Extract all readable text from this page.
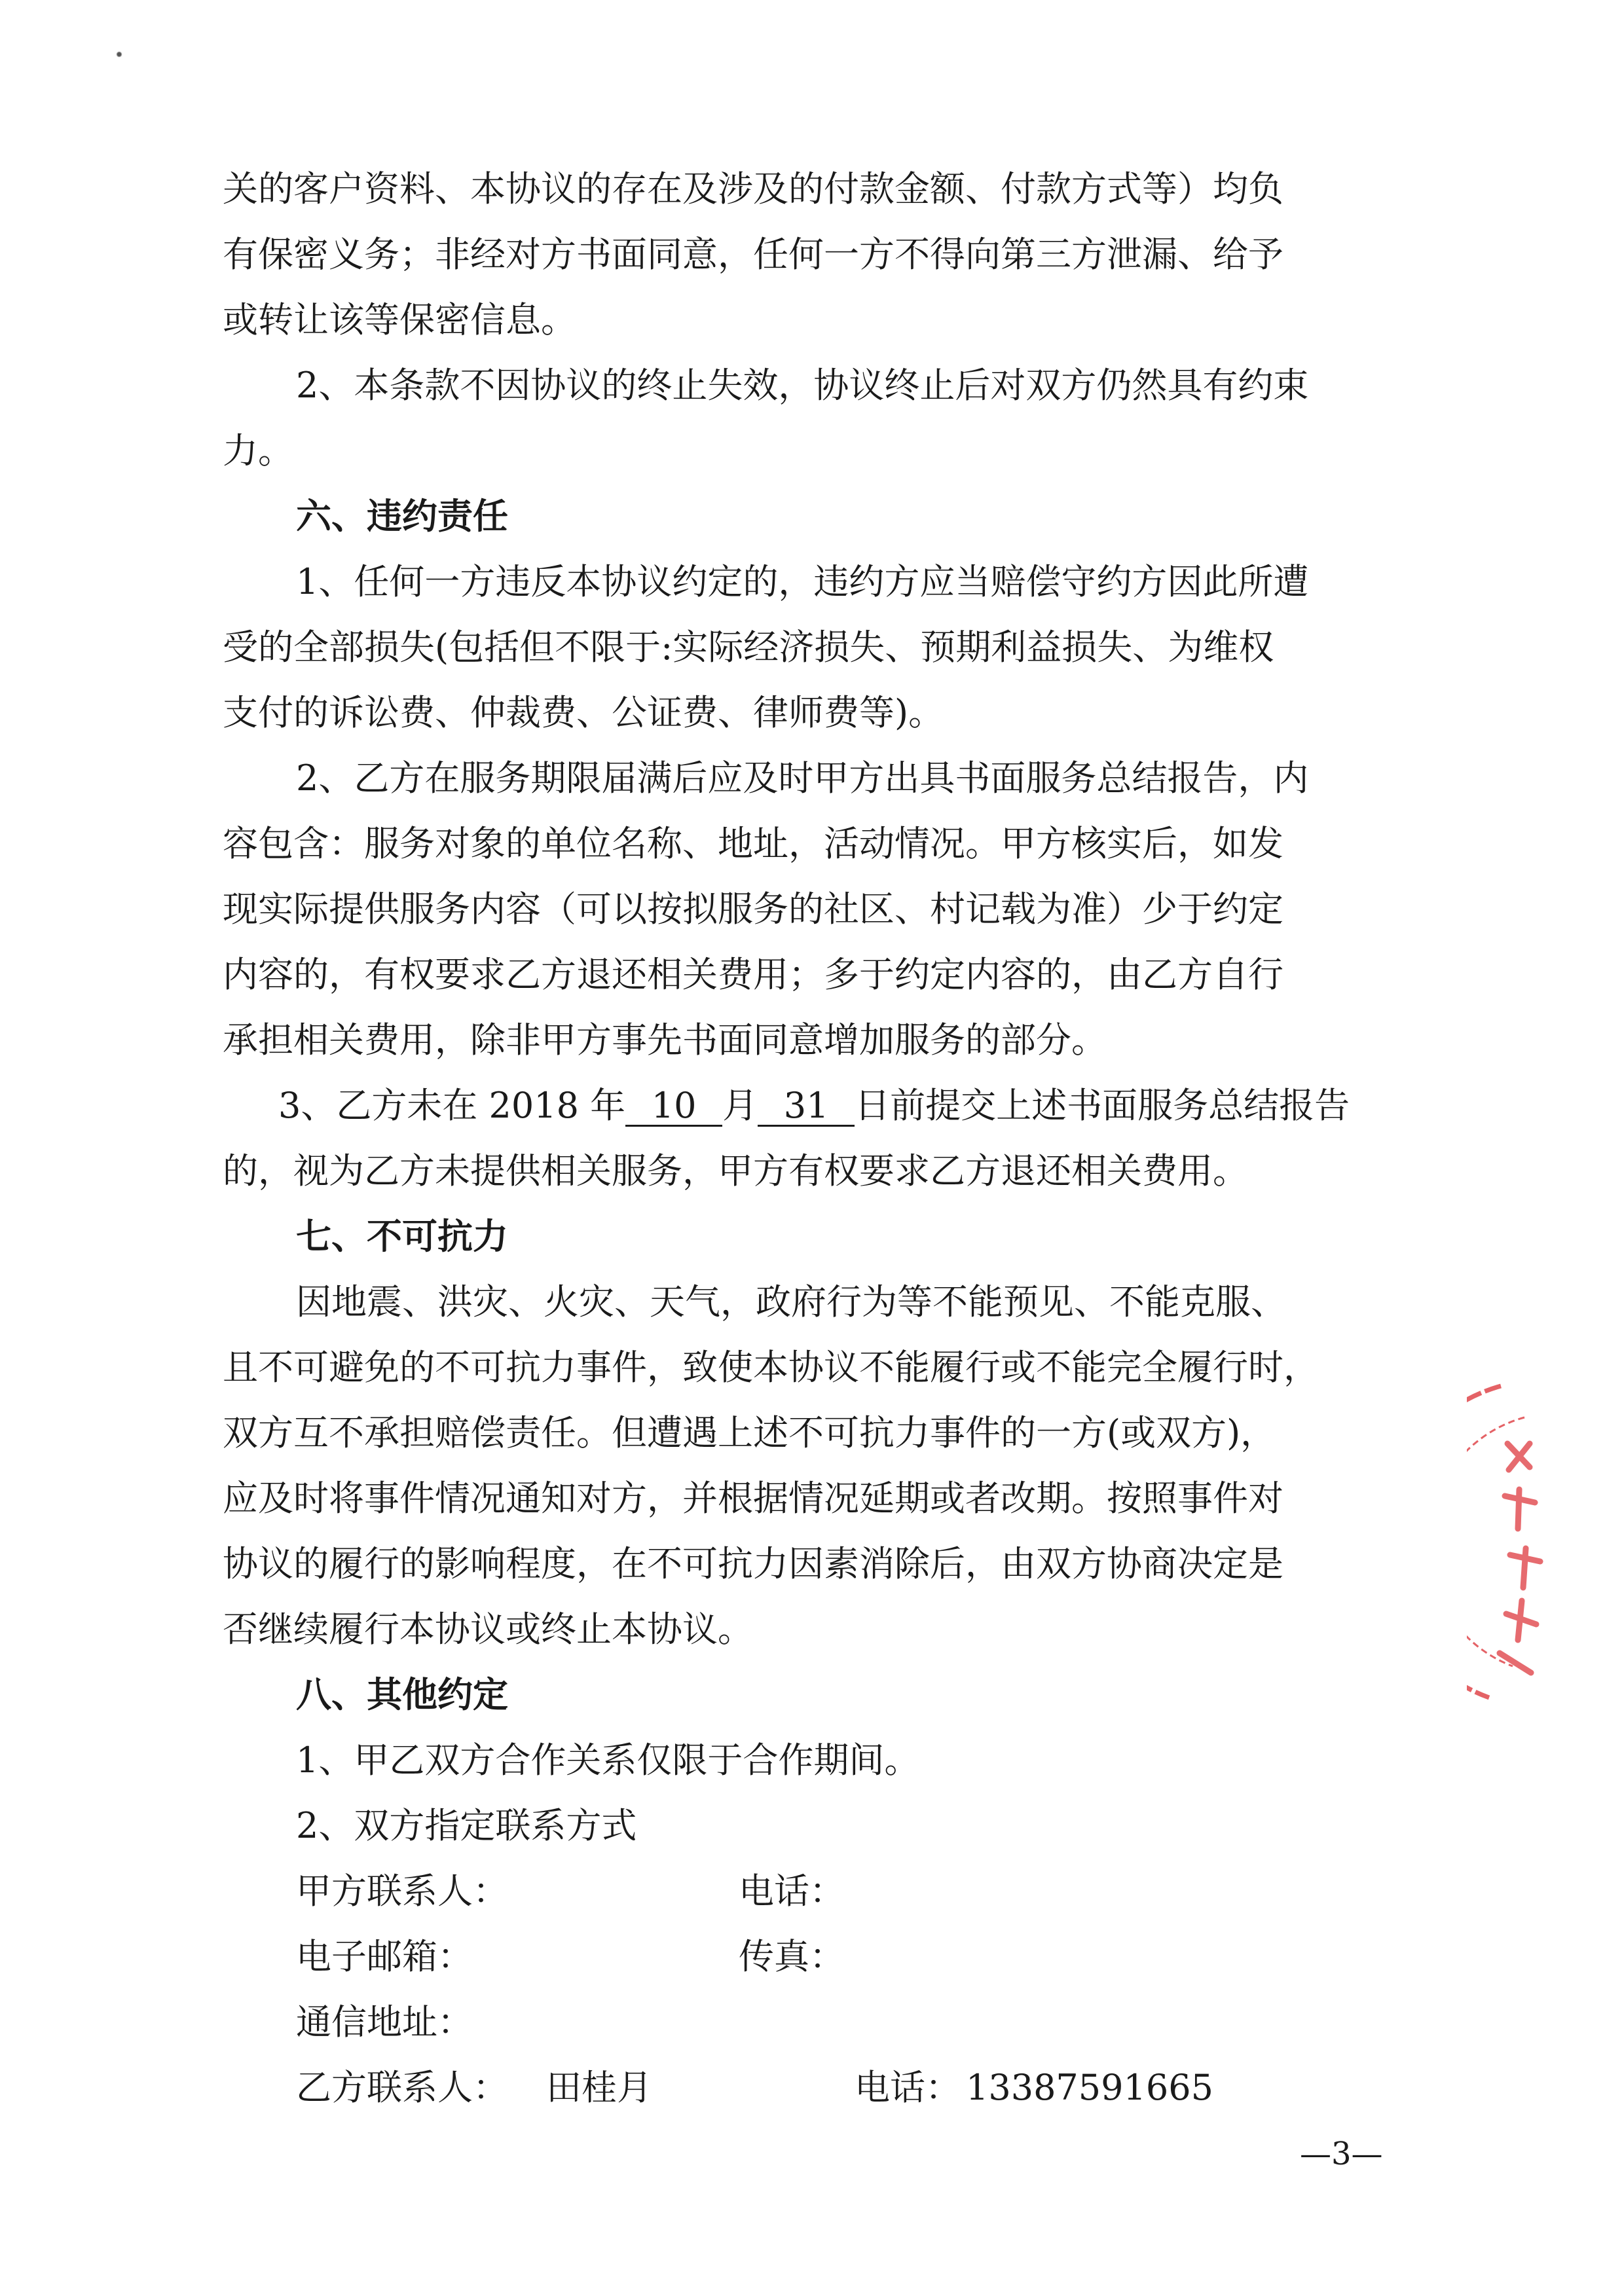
关的客户资料、本协议的存在及涉及的付款金额、付款方式等）均负
有保密义务；非经对方书面同意，任何一方不得向第三方泄漏、给予
或转让该等保密信息。
2、本条款不因协议的终止失效，协议终止后对双方仍然具有约束
力。
六、违约责任
1、任何一方违反本协议约定的，违约方应当赔偿守约方因此所遭
受的全部损失(包括但不限于:实际经济损失、预期利益损失、为维权
支付的诉讼费、仲裁费、公证费、律师费等)。
2、乙方在服务期限届满后应及时甲方出具书面服务总结报告，内
容包含：服务对象的单位名称、地址，活动情况。甲方核实后，如发
现实际提供服务内容（可以按拟服务的社区、村记载为准）少于约定
内容的，有权要求乙方退还相关费用；多于约定内容的，由乙方自行
承担相关费用，除非甲方事先书面同意增加服务的部分。
3、乙方未在 2018 年 10 月 31 日前提交上述书面服务总结报告
的，视为乙方未提供相关服务，甲方有权要求乙方退还相关费用。
七、不可抗力
因地震、洪灾、火灾、天气，政府行为等不能预见、不能克服、
且不可避免的不可抗力事件，致使本协议不能履行或不能完全履行时，
双方互不承担赔偿责任。但遭遇上述不可抗力事件的一方(或双方)，
应及时将事件情况通知对方，并根据情况延期或者改期。按照事件对
协议的履行的影响程度，在不可抗力因素消除后，由双方协商决定是
否继续履行本协议或终止本协议。
八、其他约定
1、甲乙双方合作关系仅限于合作期间。
2、双方指定联系方式
甲方联系人：	电话：
电子邮箱：	传真：
通信地址：
乙方联系人： 田桂月	电话： 13387591665
—3—
